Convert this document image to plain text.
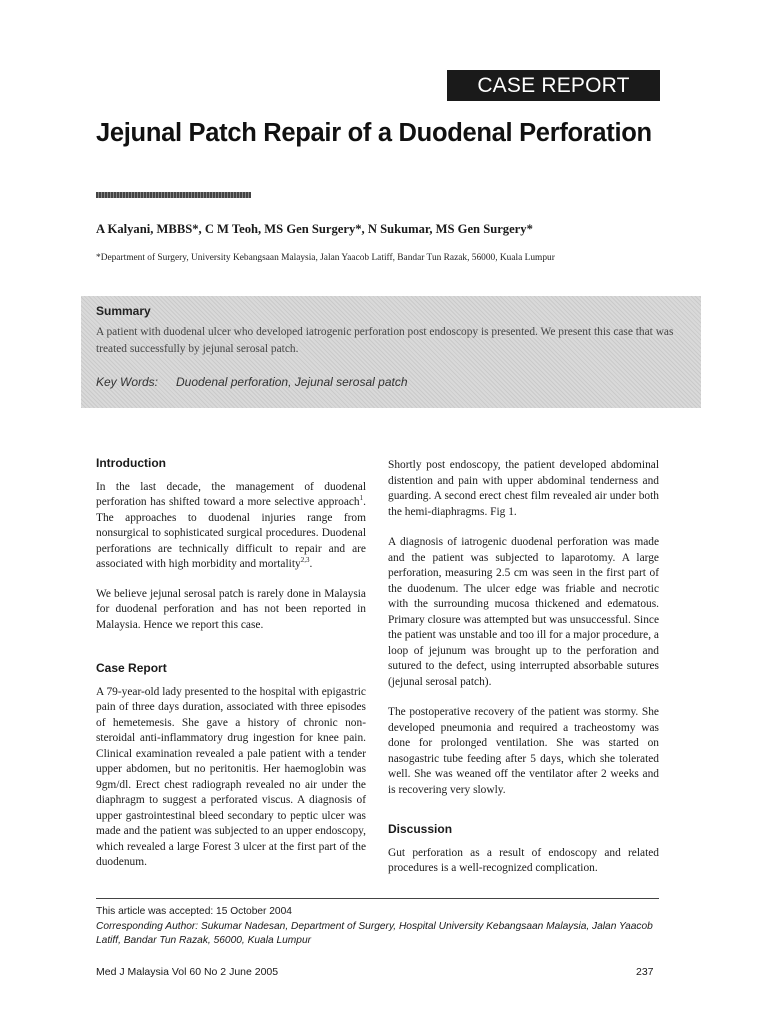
CASE REPORT
Jejunal Patch Repair of a Duodenal Perforation
A Kalyani, MBBS*, C M Teoh, MS Gen Surgery*, N Sukumar, MS Gen Surgery*
*Department of Surgery, University Kebangsaan Malaysia, Jalan Yaacob Latiff, Bandar Tun Razak, 56000, Kuala Lumpur
Summary
A patient with duodenal ulcer who developed iatrogenic perforation post endoscopy is presented. We present this case that was treated successfully by jejunal serosal patch.
Key Words: Duodenal perforation, Jejunal serosal patch
Introduction

In the last decade, the management of duodenal perforation has shifted toward a more selective approach$^1$. The approaches to duodenal injuries range from nonsurgical to sophisticated surgical procedures. Duodenal perforations are technically difficult to repair and are associated with high morbidity and mortality$^{2,3}$.

We believe jejunal serosal patch is rarely done in Malaysia for duodenal perforation and has not been reported in Malaysia. Hence we report this case.

Case Report

A 79-year-old lady presented to the hospital with epigastric pain of three days duration, associated with three episodes of hemetemesis. She gave a history of chronic non-steroidal anti-inflammatory drug ingestion for knee pain. Clinical examination revealed a pale patient with a tender upper abdomen, but no peritonitis. Her haemoglobin was 9gm/dl. Erect chest radiograph revealed no air under the diaphragm to suggest a perforated viscus. A diagnosis of upper gastrointestinal bleed secondary to peptic ulcer was made and the patient was subjected to an upper endoscopy, which revealed a large Forest 3 ulcer at the first part of the duodenum.

Shortly post endoscopy, the patient developed abdominal distention and pain with upper abdominal tenderness and guarding. A second erect chest film revealed air under both the hemi-diaphragms. Fig 1.

A diagnosis of iatrogenic duodenal perforation was made and the patient was subjected to laparotomy. A large perforation, measuring 2.5 cm was seen in the first part of the duodenum. The ulcer edge was friable and necrotic with the surrounding mucosa thickened and edematous. Primary closure was attempted but was unsuccessful. Since the patient was unstable and too ill for a major procedure, a loop of jejunum was brought up to the perforation and sutured to the defect, using interrupted absorbable sutures (jejunal serosal patch).

The postoperative recovery of the patient was stormy. She developed pneumonia and required a tracheostomy was done for prolonged ventilation. She was started on nasogastric tube feeding after 5 days, which she tolerated well. She was weaned off the ventilator after 2 weeks and is recovering very slowly.

Discussion

Gut perforation as a result of endoscopy and related procedures is a well-recognized complication.

This article was accepted: 15 October 2004
Corresponding Author: Sukumar Nadesan, Department of Surgery, Hospital University Kebangsaan Malaysia, Jalan Yaacob Latiff, Bandar Tun Razak, 56000, Kuala Lumpur
Med J Malaysia Vol 60 No 2 June 2005	237
